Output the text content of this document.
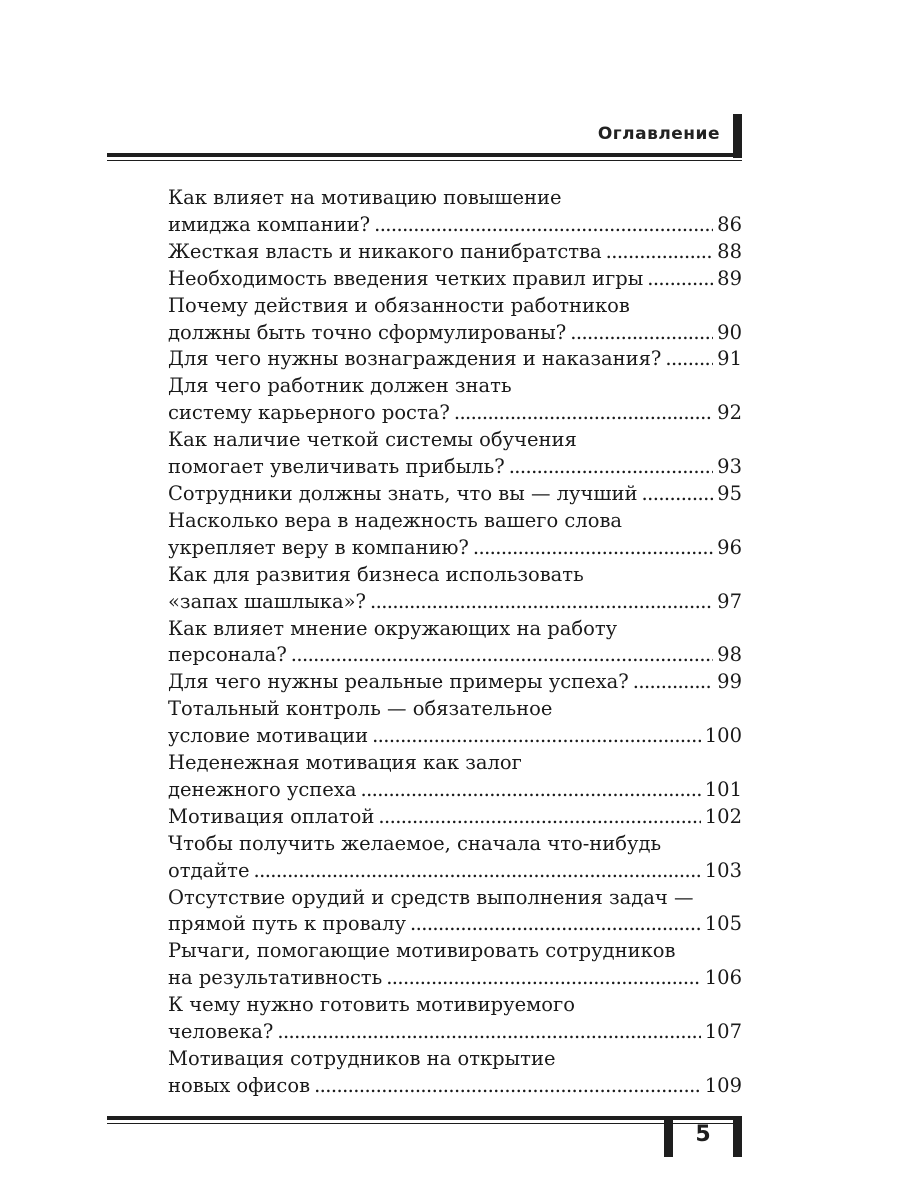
Оглавление
Как влияет на мотивацию повышение
имиджа компании? . . .	86
Жесткая власть и никакого панибратства . . .	88
Необходимость введения четких правил игры . . .	89
Почему действия и обязанности работников
должны быть точно сформулированы? . . .	90
Для чего нужны вознаграждения и наказания? . . .	91
Для чего работник должен знать
систему карьерного роста? . . .	92
Как наличие четкой системы обучения
помогает увеличивать прибыль? . . .	93
Сотрудники должны знать, что вы — лучший . . .	95
Насколько вера в надежность вашего слова
укрепляет веру в компанию? . . .	96
Как для развития бизнеса использовать
«запах шашлыка»? . . .	97
Как влияет мнение окружающих на работу
персонала? . . .	98
Для чего нужны реальные примеры успеха? . . .	99
Тотальный контроль — обязательное
условие мотивации . . .	100
Неденежная мотивация как залог
денежного успеха . . .	101
Мотивация оплатой . . .	102
Чтобы получить желаемое, сначала что-нибудь
отдайте . . .	103
Отсутствие орудий и средств выполнения задач —
прямой путь к провалу . . .	105
Рычаги, помогающие мотивировать сотрудников
на результативность . . .	106
К чему нужно готовить мотивируемого
человека? . . .	107
Мотивация сотрудников на открытие
новых офисов . . .	109
5
